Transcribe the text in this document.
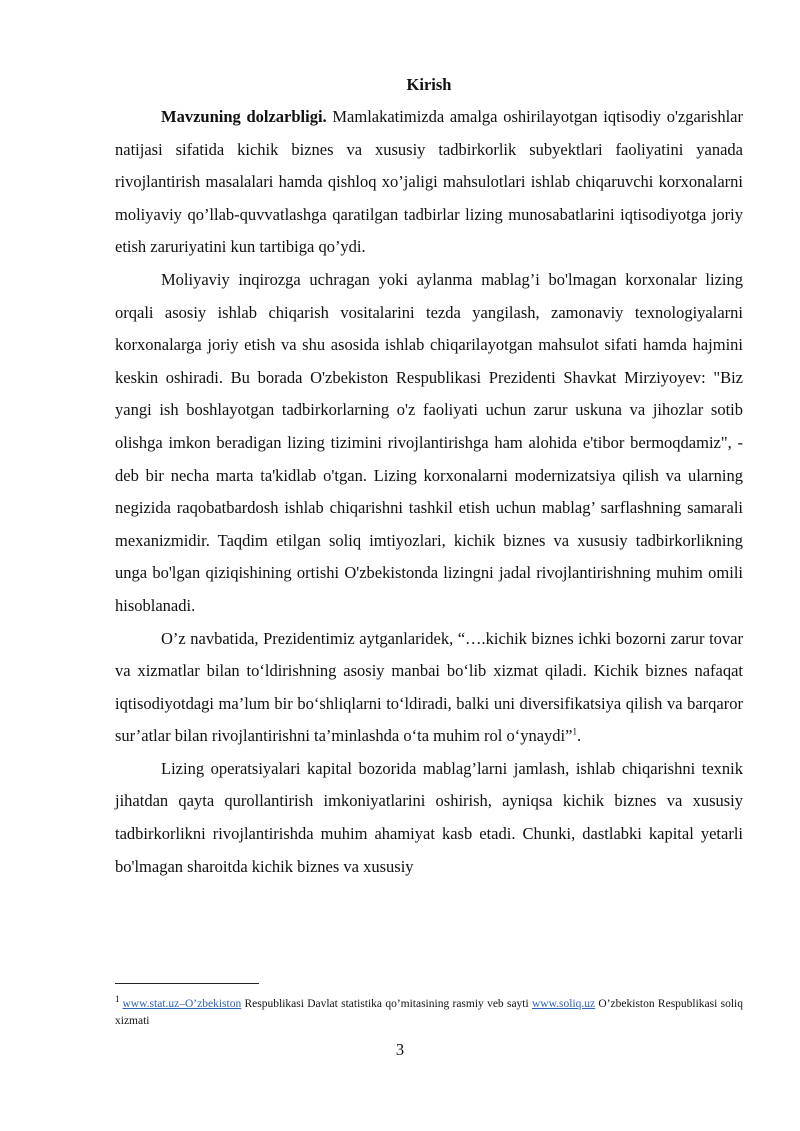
Kirish

Mavzuning dolzarbligi. Mamlakatimizda amalga oshirilayotgan iqtisodiy o'zgarishlar natijasi sifatida kichik biznes va xususiy tadbirkorlik subyektlari faoliyatini yanada rivojlantirish masalalari hamda qishloq xo’jaligi mahsulotlari ishlab chiqaruvchi korxonalarni moliyaviy qo’llab-quvvatlashga qaratilgan tadbirlar lizing munosabatlarini iqtisodiyotga joriy etish zaruriyatini kun tartibiga qo’ydi.

Moliyaviy inqirozga uchragan yoki aylanma mablag’i bo'lmagan korxonalar lizing orqali asosiy ishlab chiqarish vositalarini tezda yangilash, zamonaviy texnologiyalarni korxonalarga joriy etish va shu asosida ishlab chiqarilayotgan mahsulot sifati hamda hajmini keskin oshiradi. Bu borada O'zbekiston Respublikasi Prezidenti Shavkat Mirziyoyev: "Biz yangi ish boshlayotgan tadbirkorlarning o'z faoliyati uchun zarur uskuna va jihozlar sotib olishga imkon beradigan lizing tizimini rivojlantirishga ham alohida e'tibor bermoqdamiz", - deb bir necha marta ta'kidlab o'tgan. Lizing korxonalarni modernizatsiya qilish va ularning negizida raqobatbardosh ishlab chiqarishni tashkil etish uchun mablag’ sarflashning samarali mexanizmidir. Taqdim etilgan soliq imtiyozlari, kichik biznes va xususiy tadbirkorlikning unga bo'lgan qiziqishining ortishi O'zbekistonda lizingni jadal rivojlantirishning muhim omili hisoblanadi.

O’z navbatida, Prezidentimiz aytganlaridek, “….kichik biznes ichki bozorni zarur tovar va xizmatlar bilan to‘ldirishning asosiy manbai bo‘lib xizmat qiladi. Kichik biznes nafaqat iqtisodiyotdagi ma’lum bir bo‘shliqlarni to‘ldiradi, balki uni diversifikatsiya qilish va barqaror sur’atlar bilan rivojlantirishni ta’minlashda o‘ta muhim rol o‘ynaydi”$^1$.

Lizing operatsiyalari kapital bozorida mablag’larni jamlash, ishlab chiqarishni texnik jihatdan qayta qurollantirish imkoniyatlarini oshirish, ayniqsa kichik biznes va xususiy tadbirkorlikni rivojlantirishda muhim ahamiyat kasb etadi. Chunki, dastlabki kapital yetarli bo'lmagan sharoitda kichik biznes va xususiy

$^1$ www.stat.uz–O’zbekiston Respublikasi Davlat statistika qo’mitasining rasmiy veb sayti www.soliq.uz O’zbekiston Respublikasi soliq xizmati
3
